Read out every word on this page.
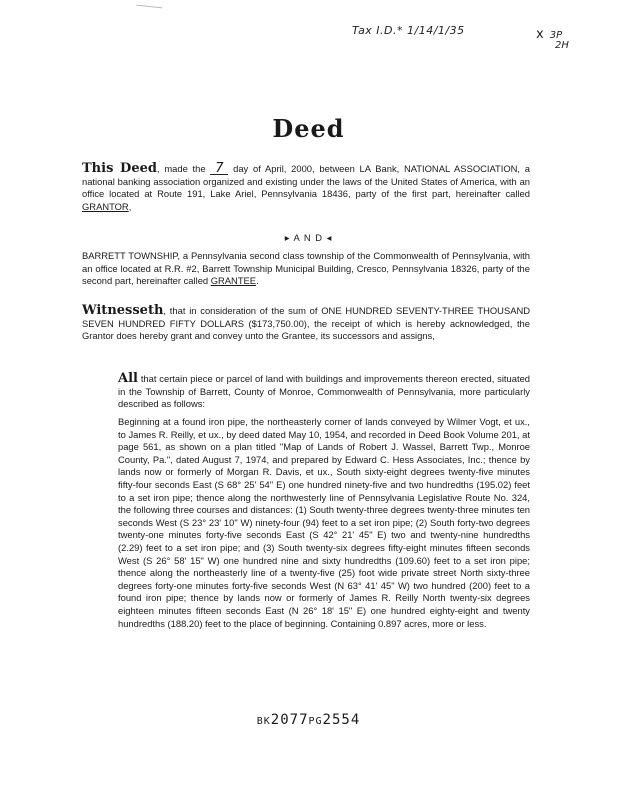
Tax I.D.* 1/14/1/35	x 3P
2H
Deed
This Deed, made the 7 day of April, 2000, between LA Bank, NATIONAL ASSOCIATION, a national banking association organized and existing under the laws of the United States of America, with an office located at Route 191, Lake Ariel, Pennsylvania 18436, party of the first part, hereinafter called GRANTOR,
▸ A N D ◂
BARRETT TOWNSHIP, a Pennsylvania second class township of the Commonwealth of Pennsylvania, with an office located at R.R. #2, Barrett Township Municipal Building, Cresco, Pennsylvania 18326, party of the second part, hereinafter called GRANTEE.
Witnesseth, that in consideration of the sum of ONE HUNDRED SEVENTY-THREE THOUSAND SEVEN HUNDRED FIFTY DOLLARS ($173,750.00), the receipt of which is hereby acknowledged, the Grantor does hereby grant and convey unto the Grantee, its successors and assigns,
All that certain piece or parcel of land with buildings and improvements thereon erected, situated in the Township of Barrett, County of Monroe, Commonwealth of Pennsylvania, more particularly described as follows:
Beginning at a found iron pipe, the northeasterly corner of lands conveyed by Wilmer Vogt, et ux., to James R. Reilly, et ux., by deed dated May 10, 1954, and recorded in Deed Book Volume 201, at page 561, as shown on a plan titled "Map of Lands of Robert J. Wassel, Barrett Twp., Monroe County, Pa.", dated August 7, 1974, and prepared by Edward C. Hess Associates, Inc.; thence by lands now or formerly of Morgan R. Davis, et ux., South sixty-eight degrees twenty-five minutes fifty-four seconds East (S 68° 25' 54" E) one hundred ninety-five and two hundredths (195.02) feet to a set iron pipe; thence along the northwesterly line of Pennsylvania Legislative Route No. 324, the following three courses and distances: (1) South twenty-three degrees twenty-three minutes ten seconds West (S 23° 23' 10" W) ninety-four (94) feet to a set iron pipe; (2) South forty-two degrees twenty-one minutes forty-five seconds East (S 42° 21' 45" E) two and twenty-nine hundredths (2.29) feet to a set iron pipe; and (3) South twenty-six degrees fifty-eight minutes fifteen seconds West (S 26° 58' 15" W) one hundred nine and sixty hundredths (109.60) feet to a set iron pipe; thence along the northeasterly line of a twenty-five (25) foot wide private street North sixty-three degrees forty-one minutes forty-five seconds West (N 63° 41' 45" W) two hundred (200) feet to a found iron pipe; thence by lands now or formerly of James R. Reilly North twenty-six degrees eighteen minutes fifteen seconds East (N 26° 18' 15" E) one hundred eighty-eight and twenty hundredths (188.20) feet to the place of beginning. Containing 0.897 acres, more or less.
BK2077PG2554
